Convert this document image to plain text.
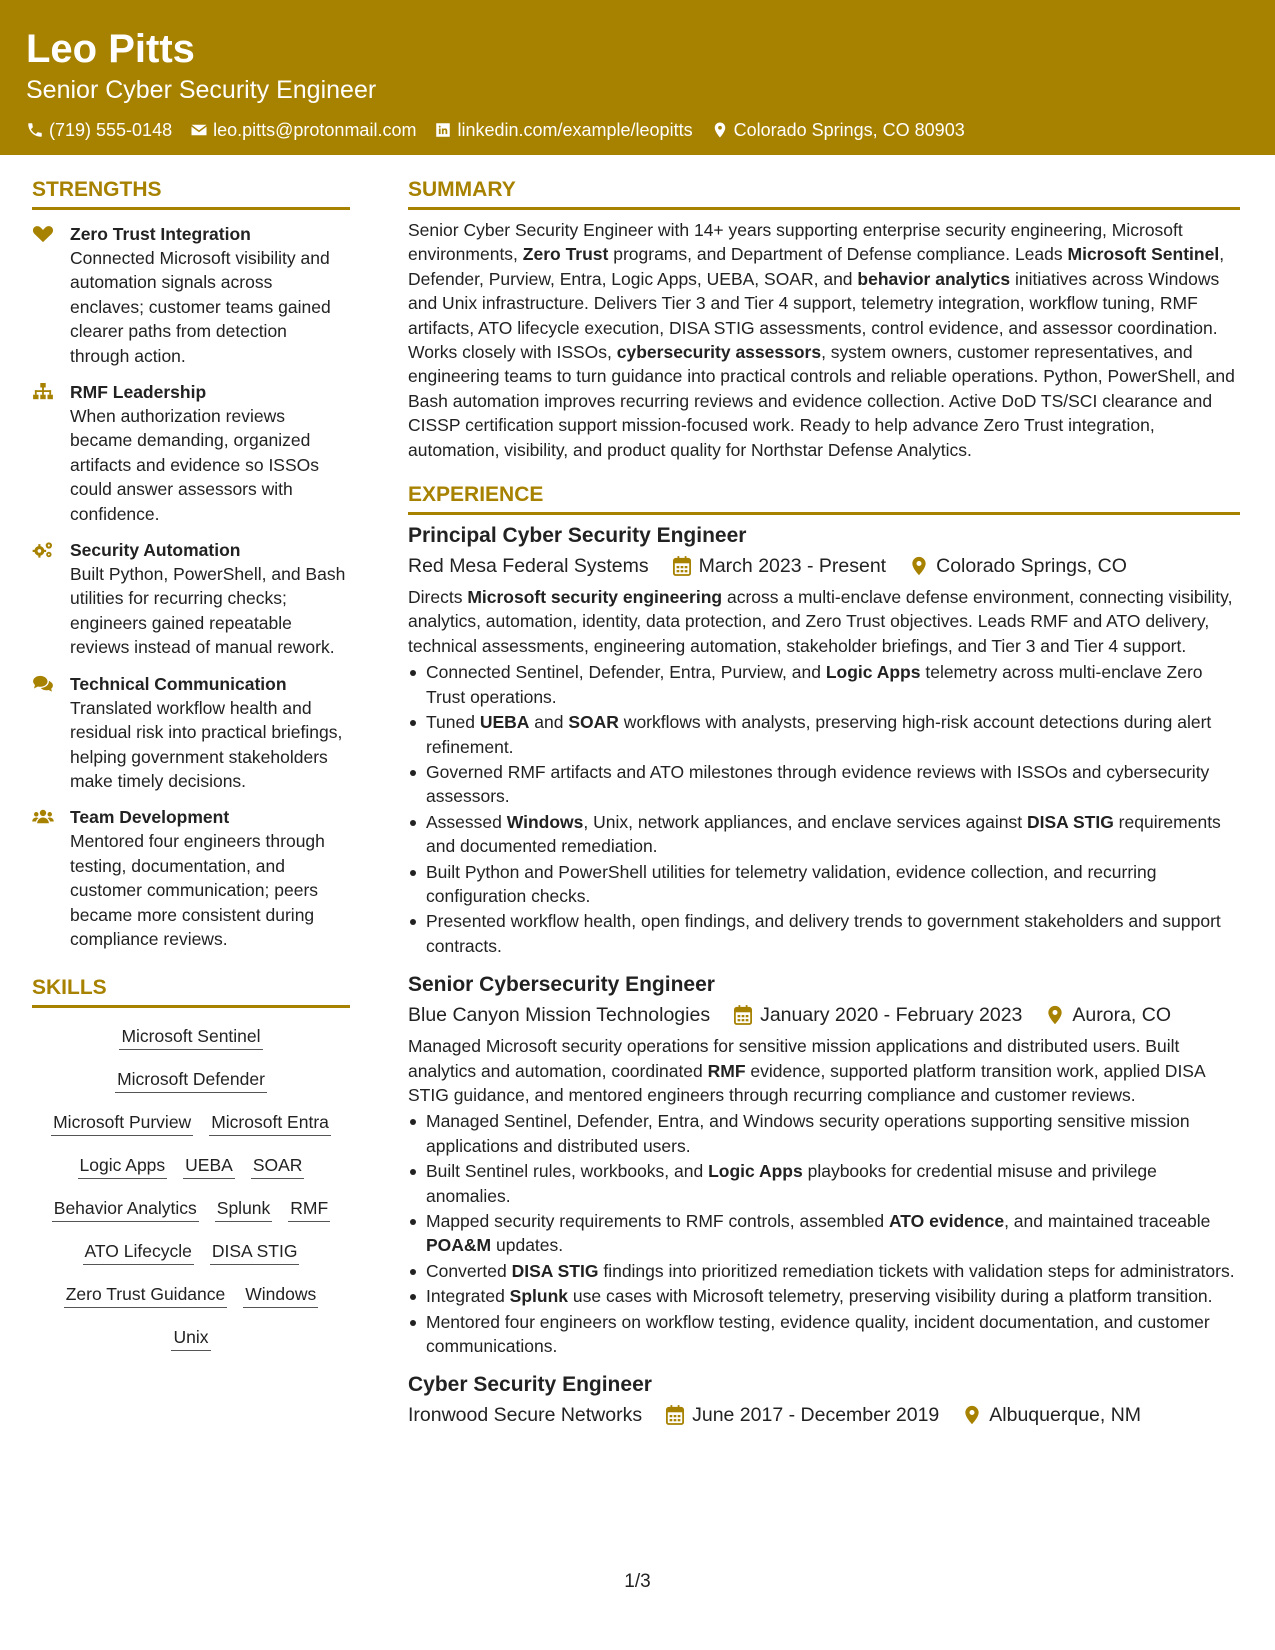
Leo Pitts
Senior Cyber Security Engineer
(719) 555-0148 leo.pitts@protonmail.com linkedin.com/example/leopitts Colorado Springs, CO 80903
STRENGTHS
Zero Trust Integration
Connected Microsoft visibility and automation signals across enclaves; customer teams gained clearer paths from detection through action.
RMF Leadership
When authorization reviews became demanding, organized artifacts and evidence so ISSOs could answer assessors with confidence.
Security Automation
Built Python, PowerShell, and Bash utilities for recurring checks; engineers gained repeatable reviews instead of manual rework.
Technical Communication
Translated workflow health and residual risk into practical briefings, helping government stakeholders make timely decisions.
Team Development
Mentored four engineers through testing, documentation, and customer communication; peers became more consistent during compliance reviews.
SKILLS
Microsoft Sentinel
Microsoft Defender
Microsoft Purview Microsoft Entra
Logic Apps UEBA SOAR
Behavior Analytics Splunk RMF
ATO Lifecycle DISA STIG
Zero Trust Guidance Windows
Unix
SUMMARY
Senior Cyber Security Engineer with 14+ years supporting enterprise security engineering, Microsoft environments, Zero Trust programs, and Department of Defense compliance. Leads Microsoft Sentinel, Defender, Purview, Entra, Logic Apps, UEBA, SOAR, and behavior analytics initiatives across Windows and Unix infrastructure. Delivers Tier 3 and Tier 4 support, telemetry integration, workflow tuning, RMF artifacts, ATO lifecycle execution, DISA STIG assessments, control evidence, and assessor coordination. Works closely with ISSOs, cybersecurity assessors, system owners, customer representatives, and engineering teams to turn guidance into practical controls and reliable operations. Python, PowerShell, and Bash automation improves recurring reviews and evidence collection. Active DoD TS/SCI clearance and CISSP certification support mission-focused work. Ready to help advance Zero Trust integration, automation, visibility, and product quality for Northstar Defense Analytics.
EXPERIENCE
Principal Cyber Security Engineer
Red Mesa Federal Systems	March 2023 - Present	Colorado Springs, CO
Directs Microsoft security engineering across a multi-enclave defense environment, connecting visibility, analytics, automation, identity, data protection, and Zero Trust objectives. Leads RMF and ATO delivery, technical assessments, engineering automation, stakeholder briefings, and Tier 3 and Tier 4 support.
Connected Sentinel, Defender, Entra, Purview, and Logic Apps telemetry across multi-enclave Zero Trust operations.
Tuned UEBA and SOAR workflows with analysts, preserving high-risk account detections during alert refinement.
Governed RMF artifacts and ATO milestones through evidence reviews with ISSOs and cybersecurity assessors.
Assessed Windows, Unix, network appliances, and enclave services against DISA STIG requirements and documented remediation.
Built Python and PowerShell utilities for telemetry validation, evidence collection, and recurring configuration checks.
Presented workflow health, open findings, and delivery trends to government stakeholders and support contracts.
Senior Cybersecurity Engineer
Blue Canyon Mission Technologies	January 2020 - February 2023	Aurora, CO
Managed Microsoft security operations for sensitive mission applications and distributed users. Built analytics and automation, coordinated RMF evidence, supported platform transition work, applied DISA STIG guidance, and mentored engineers through recurring compliance and customer reviews.
Managed Sentinel, Defender, Entra, and Windows security operations supporting sensitive mission applications and distributed users.
Built Sentinel rules, workbooks, and Logic Apps playbooks for credential misuse and privilege anomalies.
Mapped security requirements to RMF controls, assembled ATO evidence, and maintained traceable POA&M updates.
Converted DISA STIG findings into prioritized remediation tickets with validation steps for administrators.
Integrated Splunk use cases with Microsoft telemetry, preserving visibility during a platform transition.
Mentored four engineers on workflow testing, evidence quality, incident documentation, and customer communications.
Cyber Security Engineer
Ironwood Secure Networks	June 2017 - December 2019	Albuquerque, NM
1/3
